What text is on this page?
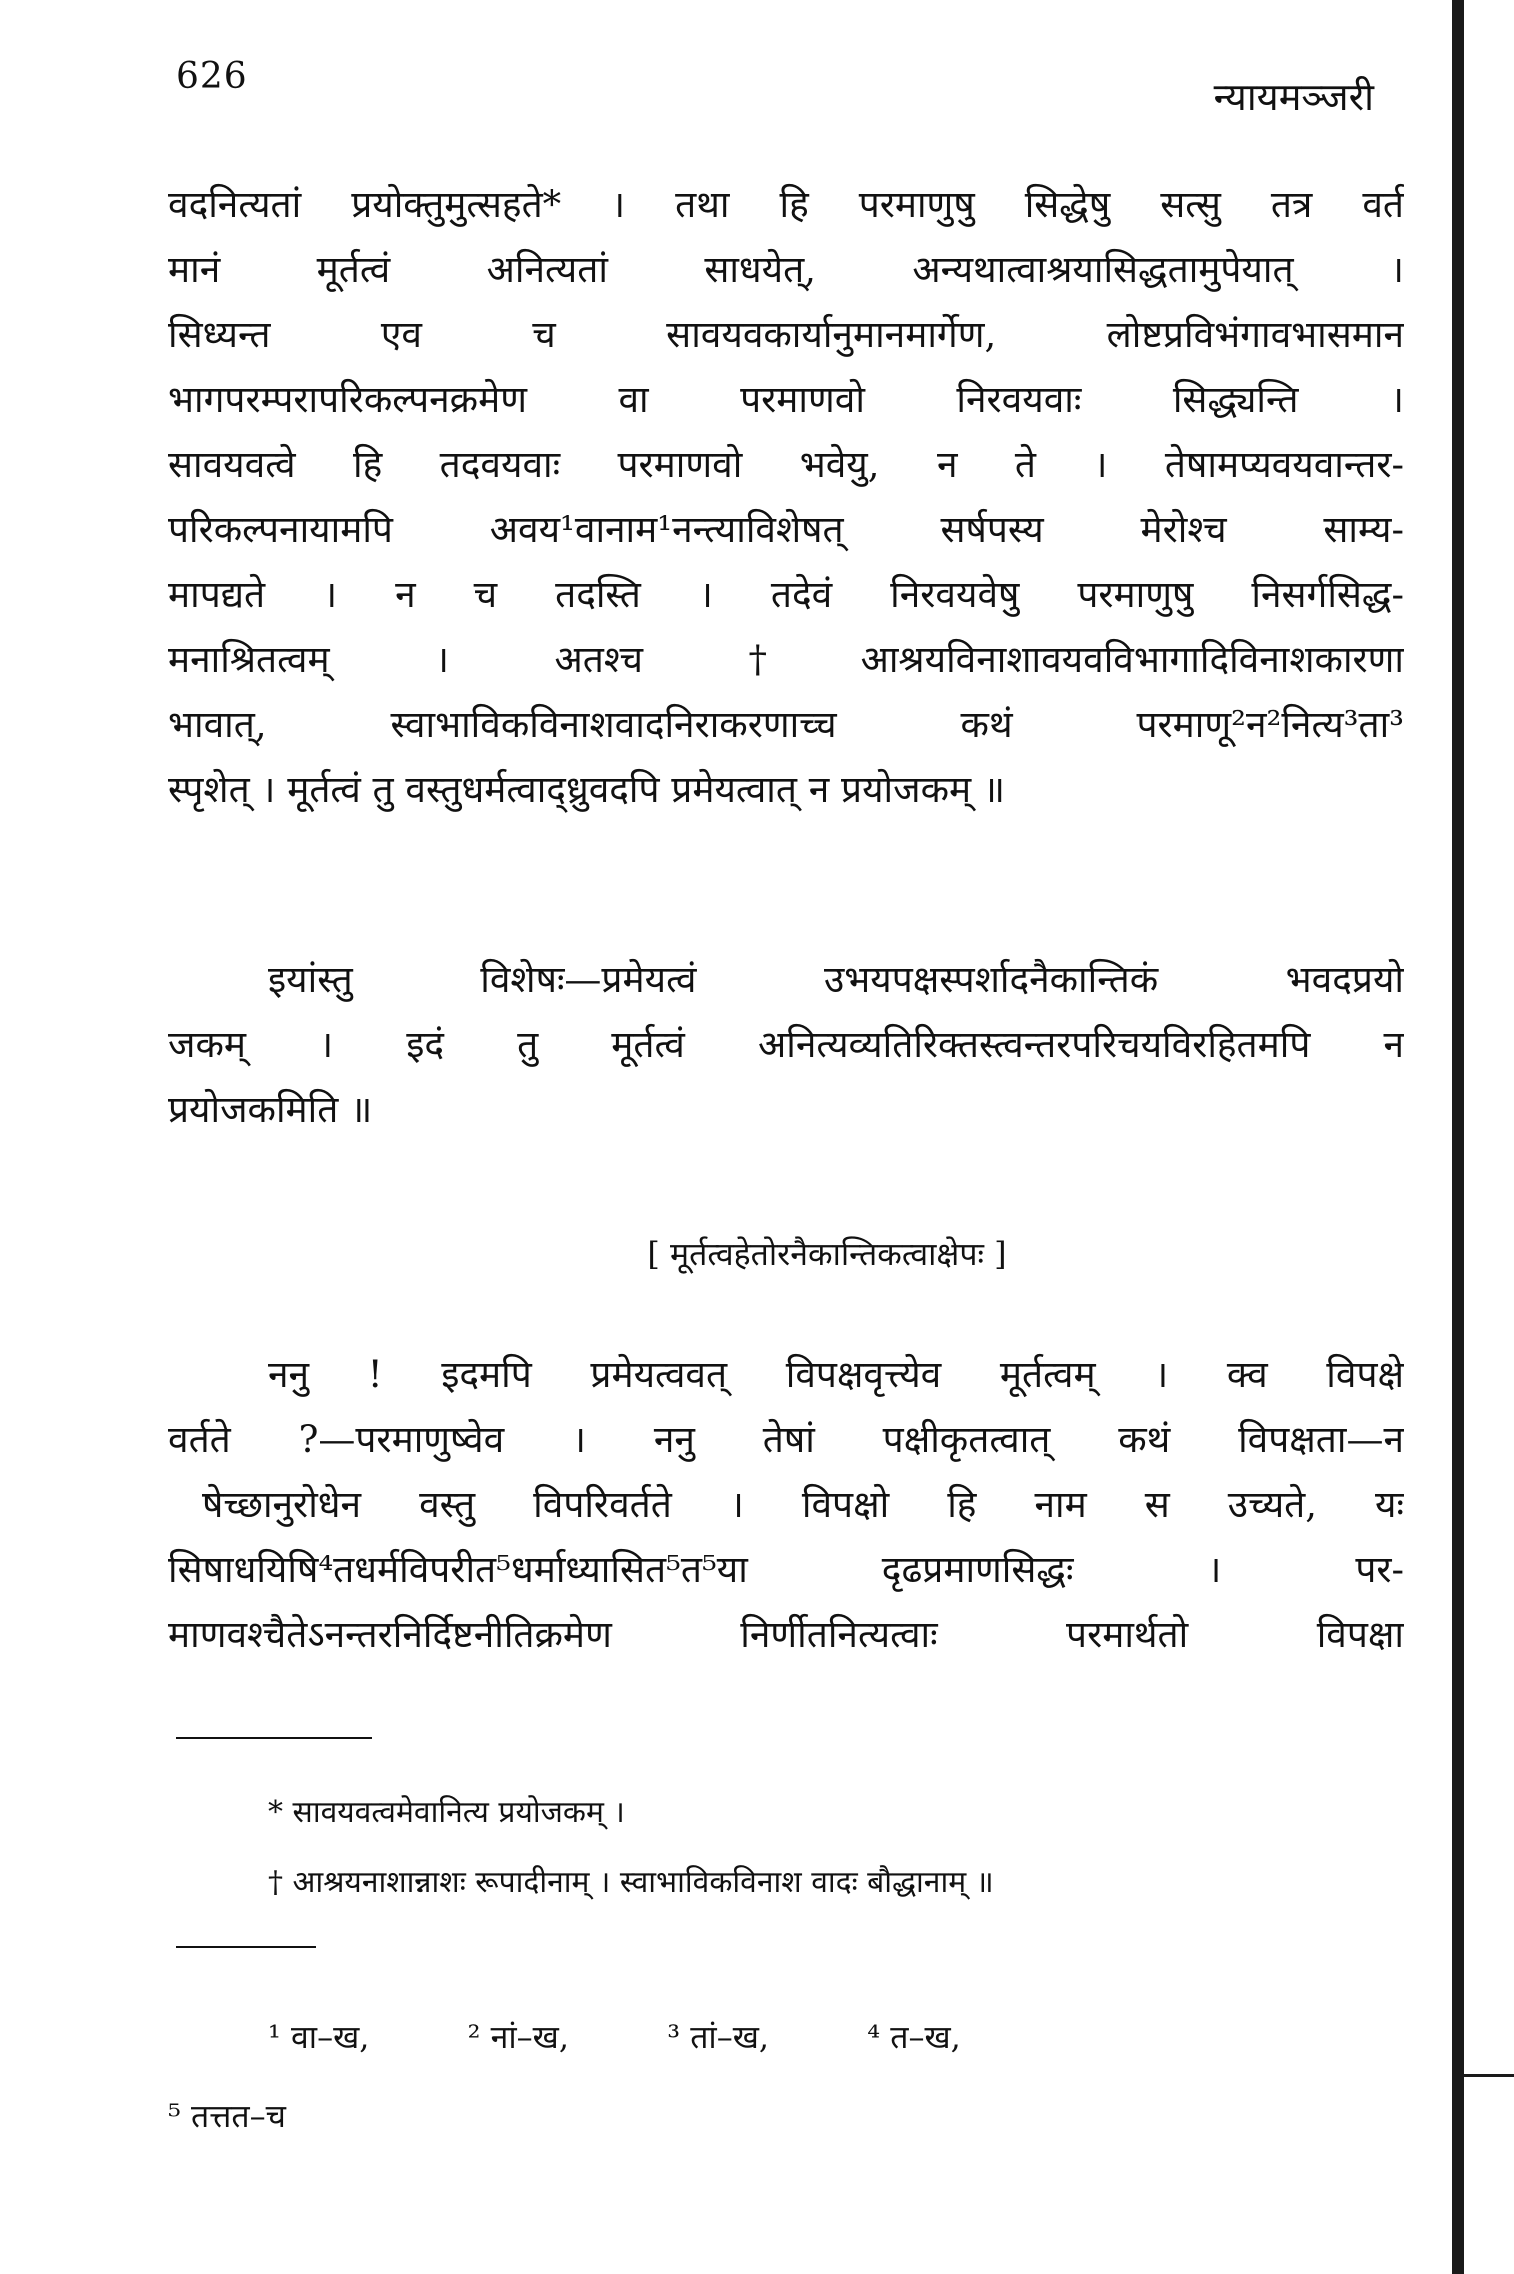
626	न्यायमञ्जरी
वदनित्यतां प्रयोक्तुमुत्सहते* । तथा हि परमाणुषु सिद्धेषु सत्सु तत्र वर्त
मानं मूर्तत्वं अनित्यतां साधयेत्, अन्यथात्वाश्रयासिद्धतामुपेयात् ।
सिध्यन्त एव च सावयवकार्यानुमानमार्गेण, लोष्टप्रविभंगावभासमान
भागपरम्परापरिकल्पनक्रमेण वा परमाणवो निरवयवाः सिद्ध्यन्ति ।
सावयवत्वे हि तदवयवाः परमाणवो भवेयु, न ते । तेषामप्यवयवान्तर-
परिकल्पनायामपि अवय¹वानाम¹नन्त्याविशेषत् सर्षपस्य मेरोश्च साम्य-
मापद्यते । न च तदस्ति । तदेवं निरवयवेषु परमाणुषु निसर्गसिद्ध-
मनाश्रितत्वम् । अतश्च †आश्रयविनाशावयवविभागादिविनाशकारणा
भावात्, स्वाभाविकविनाशवादनिराकरणाच्च कथं परमाणू²न²नित्य³ता³
स्पृशेत् । मूर्तत्वं तु वस्तुधर्मत्वाद्ध्रुवदपि प्रमेयत्वात् न प्रयोजकम् ॥
इयांस्तु विशेषः—प्रमेयत्वं उभयपक्षस्पर्शादनैकान्तिकं भवदप्रयो
जकम् । इदं तु मूर्तत्वं अनित्यव्यतिरिक्तस्त्वन्तरपरिचयविरहितमपि न
प्रयोजकमिति ॥
[ मूर्तत्वहेतोरनैकान्तिकत्वाक्षेपः ]
ननु ! इदमपि प्रमेयत्ववत् विपक्षवृत्त्येव मूर्तत्वम् । क्व विपक्षे
वर्तते ?—परमाणुष्वेव । ननु तेषां पक्षीकृतत्वात् कथं विपक्षता—न
षेच्छानुरोधेन वस्तु विपरिवर्तते । विपक्षो हि नाम स उच्यते, यः
सिषाधयिषि⁴तधर्मविपरीत⁵धर्माध्यासित⁵त⁵या दृढप्रमाणसिद्धः । पर-
माणवश्चैतेऽनन्तरनिर्दिष्टनीतिक्रमेण निर्णीतनित्यत्वाः परमार्थतो विपक्षा
* सावयवत्वमेवानित्य प्रयोजकम् ।
† आश्रयनाशान्नाशः रूपादीनाम् । स्वाभाविकविनाश वादः बौद्धानाम् ॥
¹ वा–ख,	² नां–ख,	³ तां–ख,	⁴ त–ख,
⁵ तत्तत–च
